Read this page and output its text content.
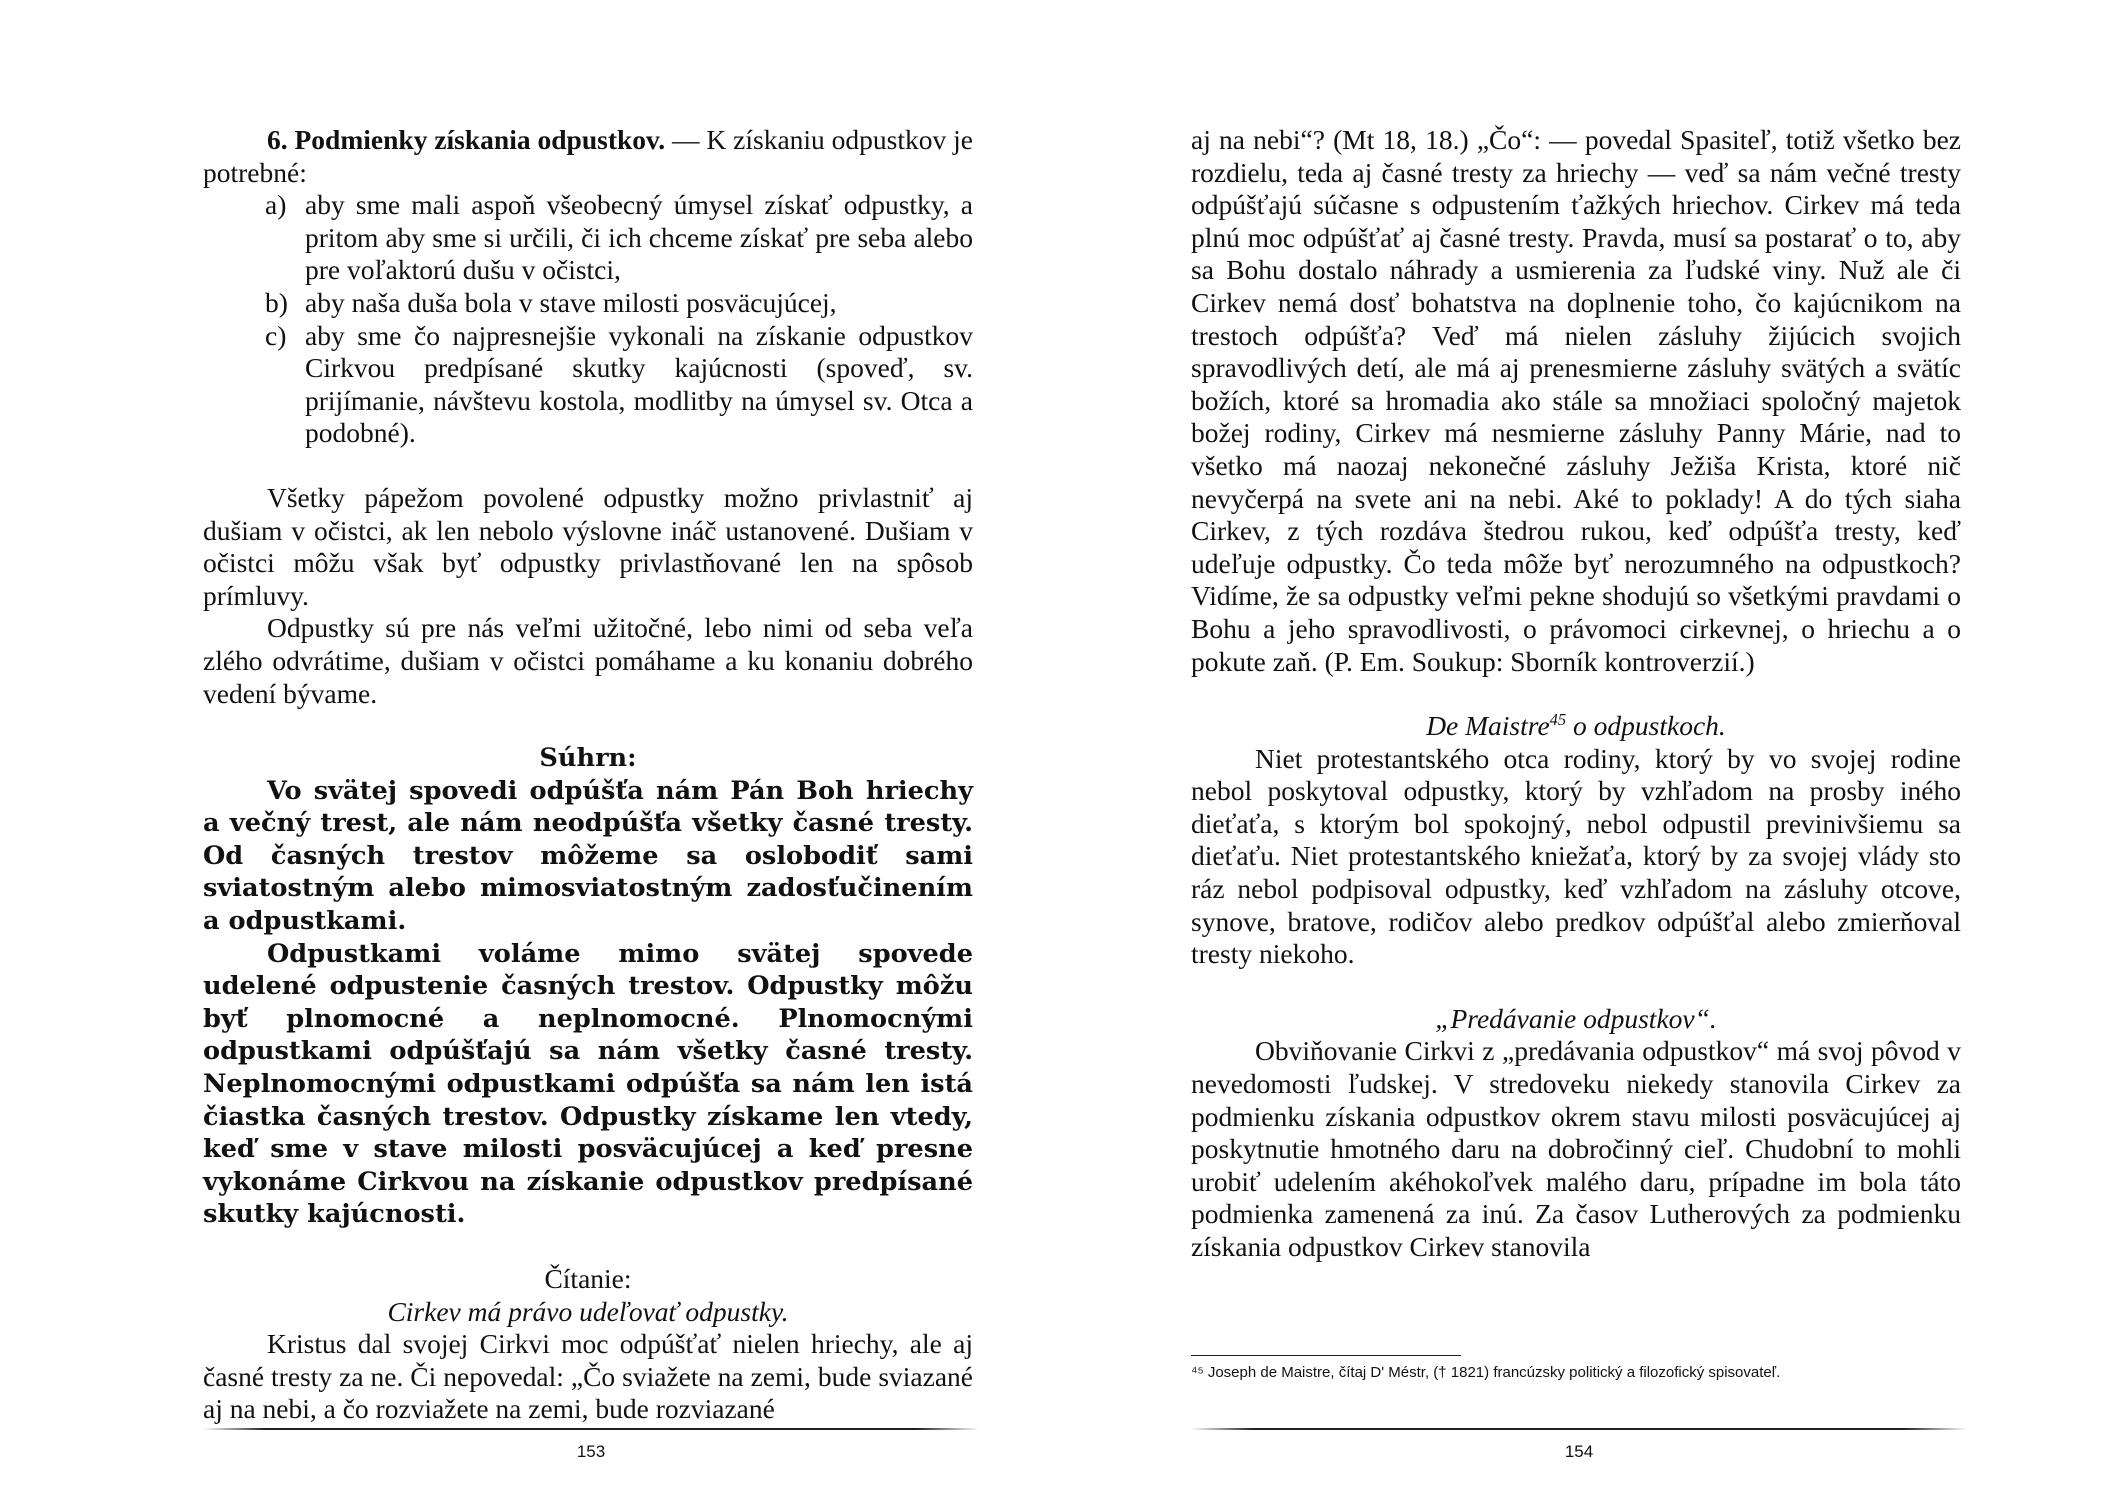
6. Podmienky získania odpustkov. — K získaniu odpustkov je potrebné:

a) aby sme mali aspoň všeobecný úmysel získať odpustky, a pritom aby sme si určili, či ich chceme získať pre seba alebo pre voľaktorú dušu v očistci,
b) aby naša duša bola v stave milosti posväcujúcej,
c) aby sme čo najpresnejšie vykonali na získanie odpustkov Cirkvou predpísané skutky kajúcnosti (spoveď, sv. prijímanie, návštevu kostola, modlitby na úmysel sv. Otca a podobné).

Všetky pápežom povolené odpustky možno privlastniť aj dušiam v očistci, ak len nebolo výslovne ináč ustanovené. Dušiam v očistci môžu však byť odpustky privlastňované len na spôsob prímluvy.

Odpustky sú pre nás veľmi užitočné, lebo nimi od seba veľa zlého odvrátime, dušiam v očistci pomáhame a ku konaniu dobrého vedení bývame.

Súhrn:

Vo svätej spovedi odpúšťa nám Pán Boh hriechy a večný trest, ale nám neodpúšťa všetky časné tresty. Od časných trestov môžeme sa oslobodiť sami sviatostným alebo mimosviatostným zadosťučinením a odpustkami.

Odpustkami voláme mimo svätej spovede udelené odpustenie časných trestov. Odpustky môžu byť plnomocné a neplnomocné. Plnomocnými odpustkami odpúšťajú sa nám všetky časné tresty. Neplnomocnými odpustkami odpúšťa sa nám len istá čiastka časných trestov. Odpustky získame len vtedy, keď sme v stave milosti posväcujúcej a keď presne vykonáme Cirkvou na získanie odpustkov predpísané skutky kajúcnosti.

Čítanie:

Cirkev má právo udeľovať odpustky.

Kristus dal svojej Cirkvi moc odpúšťať nielen hriechy, ale aj časné tresty za ne. Či nepovedal: „Čo sviažete na zemi, bude sviazané aj na nebi, a čo rozviažete na zemi, bude rozviazané

153

aj na nebi“? (Mt 18, 18.) „Čo“: — povedal Spasiteľ, totiž všetko bez rozdielu, teda aj časné tresty za hriechy — veď sa nám večné tresty odpúšťajú súčasne s odpustením ťažkých hriechov. Cirkev má teda plnú moc odpúšťať aj časné tresty. Pravda, musí sa postarať o to, aby sa Bohu dostalo náhrady a usmierenia za ľudské viny. Nuž ale či Cirkev nemá dosť bohatstva na doplnenie toho, čo kajúcnikom na trestoch odpúšťa? Veď má nielen zásluhy žijúcich svojich spravodlivých detí, ale má aj prenesmierne zásluhy svätých a svätíc božích, ktoré sa hromadia ako stále sa množiaci spoločný majetok božej rodiny, Cirkev má nesmierne zásluhy Panny Márie, nad to všetko má naozaj nekonečné zásluhy Ježiša Krista, ktoré nič nevyčerpá na svete ani na nebi. Aké to poklady! A do tých siaha Cirkev, z tých rozdáva štedrou rukou, keď odpúšťa tresty, keď udeľuje odpustky. Čo teda môže byť nerozumného na odpustkoch? Vidíme, že sa odpustky veľmi pekne shodujú so všetkými pravdami o Bohu a jeho spravodlivosti, o právomoci cirkevnej, o hriechu a o pokute zaň. (P. Em. Soukup: Sborník kontroverzií.)

De Maistre$^{45}$ o odpustkoch.

Niet protestantského otca rodiny, ktorý by vo svojej rodine nebol poskytoval odpustky, ktorý by vzhľadom na prosby iného dieťaťa, s ktorým bol spokojný, nebol odpustil previnivšiemu sa dieťaťu. Niet protestantského kniežaťa, ktorý by za svojej vlády sto ráz nebol podpisoval odpustky, keď vzhľadom na zásluhy otcove, synove, bratove, rodičov alebo predkov odpúšťal alebo zmierňoval tresty niekoho.

„Predávanie odpustkov“.

Obviňovanie Cirkvi z „predávania odpustkov“ má svoj pôvod v nevedomosti ľudskej. V stredoveku niekedy stanovila Cirkev za podmienku získania odpustkov okrem stavu milosti posväcujúcej aj poskytnutie hmotného daru na dobročinný cieľ. Chudobní to mohli urobiť udelením akéhokoľvek malého daru, prípadne im bola táto podmienka zamenená za inú. Za časov Lutherových za podmienku získania odpustkov Cirkev stanovila

⁴⁵ Joseph de Maistre, čítaj D' Méstr, († 1821) francúzsky politický a filozofický spisovateľ.
154
